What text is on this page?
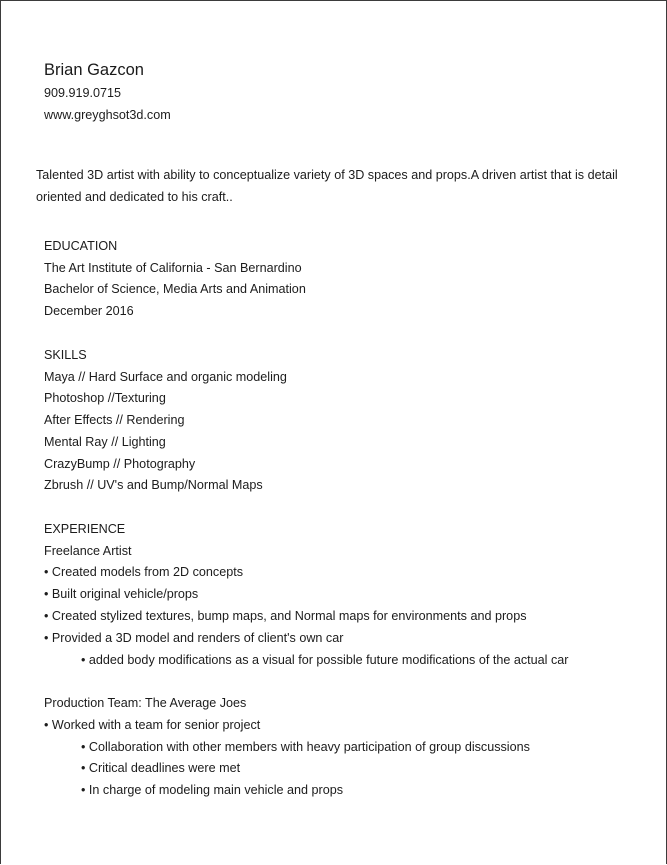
Brian Gazcon
909.919.0715
www.greyghsot3d.com
Talented 3D artist with ability to conceptualize variety of 3D spaces and props.A driven artist that is detail
oriented and dedicated to his craft..
EDUCATION
The Art Institute of California - San Bernardino
Bachelor of Science, Media Arts and Animation
December 2016
SKILLS
Maya // Hard Surface and organic modeling
Photoshop //Texturing
After Effects // Rendering
Mental Ray // Lighting
CrazyBump // Photography
Zbrush // UV's and Bump/Normal Maps
EXPERIENCE
Freelance Artist
• Created models from 2D concepts
• Built original vehicle/props
• Created stylized textures, bump maps, and Normal maps for environments and props
• Provided a 3D model and renders of client's own car
• added body modifications as a visual for possible future modifications of the actual car
Production Team: The Average Joes
• Worked with a team for senior project
• Collaboration with other members with heavy participation of group discussions
• Critical deadlines were met
• In charge of modeling main vehicle and props
